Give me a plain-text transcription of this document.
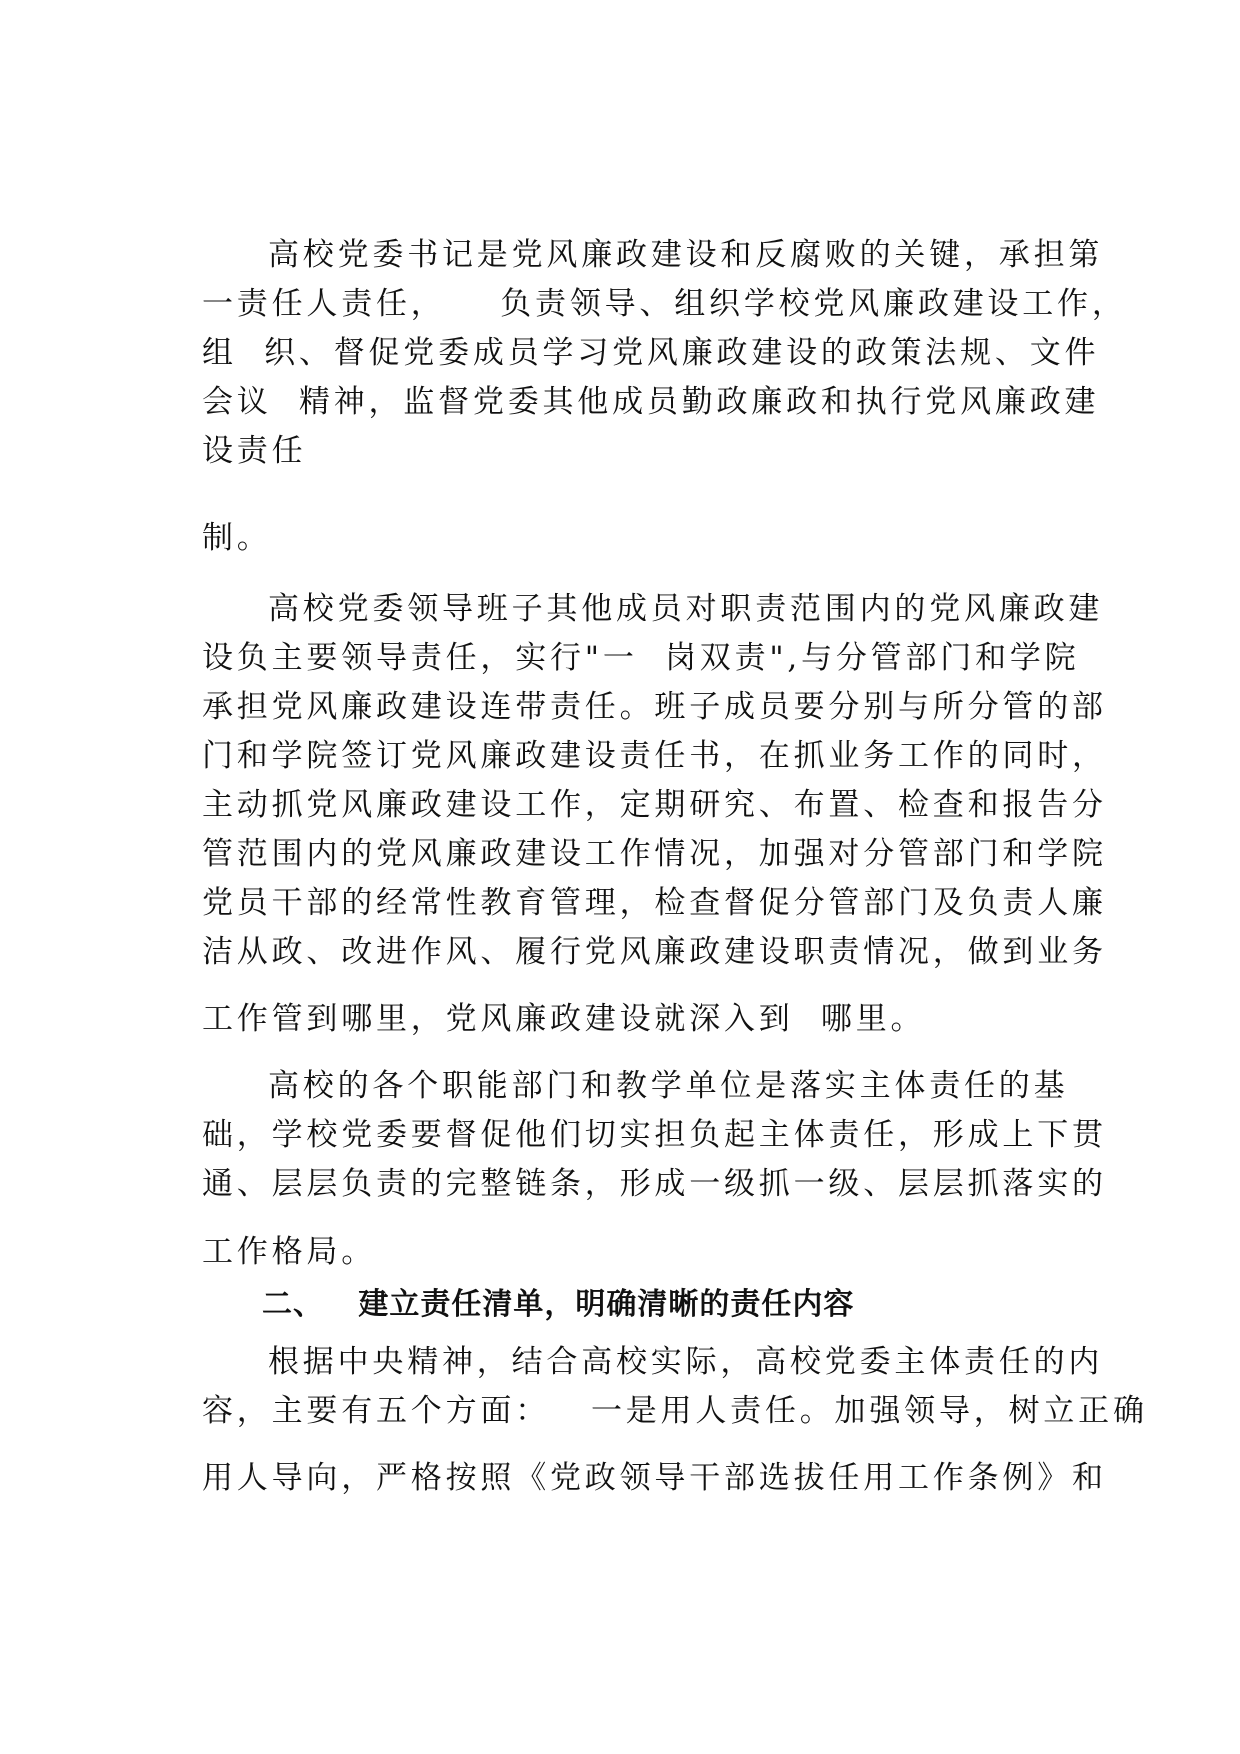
高校党委书记是党风廉政建设和反腐败的关键，承担第
一责任人责任，    负责领导、组织学校党风廉政建设工作，
组  织、督促党委成员学习党风廉政建设的政策法规、文件
会议  精神，监督党委其他成员勤政廉政和执行党风廉政建
设责任
制。
高校党委领导班子其他成员对职责范围内的党风廉政建
设负主要领导责任，实行"一  岗双责",与分管部门和学院
承担党风廉政建设连带责任。班子成员要分别与所分管的部
门和学院签订党风廉政建设责任书，在抓业务工作的同时，
主动抓党风廉政建设工作，定期研究、布置、检查和报告分
管范围内的党风廉政建设工作情况，加强对分管部门和学院
党员干部的经常性教育管理，检查督促分管部门及负责人廉
洁从政、改进作风、履行党风廉政建设职责情况，做到业务
工作管到哪里，党风廉政建设就深入到  哪里。
高校的各个职能部门和教学单位是落实主体责任的基
础，学校党委要督促他们切实担负起主体责任，形成上下贯
通、层层负责的完整链条，形成一级抓一级、层层抓落实的
工作格局。
二、   建立责任清单，明确清晰的责任内容
根据中央精神，结合高校实际，高校党委主体责任的内
容，主要有五个方面：   一是用人责任。加强领导，树立正确
用人导向，严格按照《党政领导干部选拔任用工作条例》和
